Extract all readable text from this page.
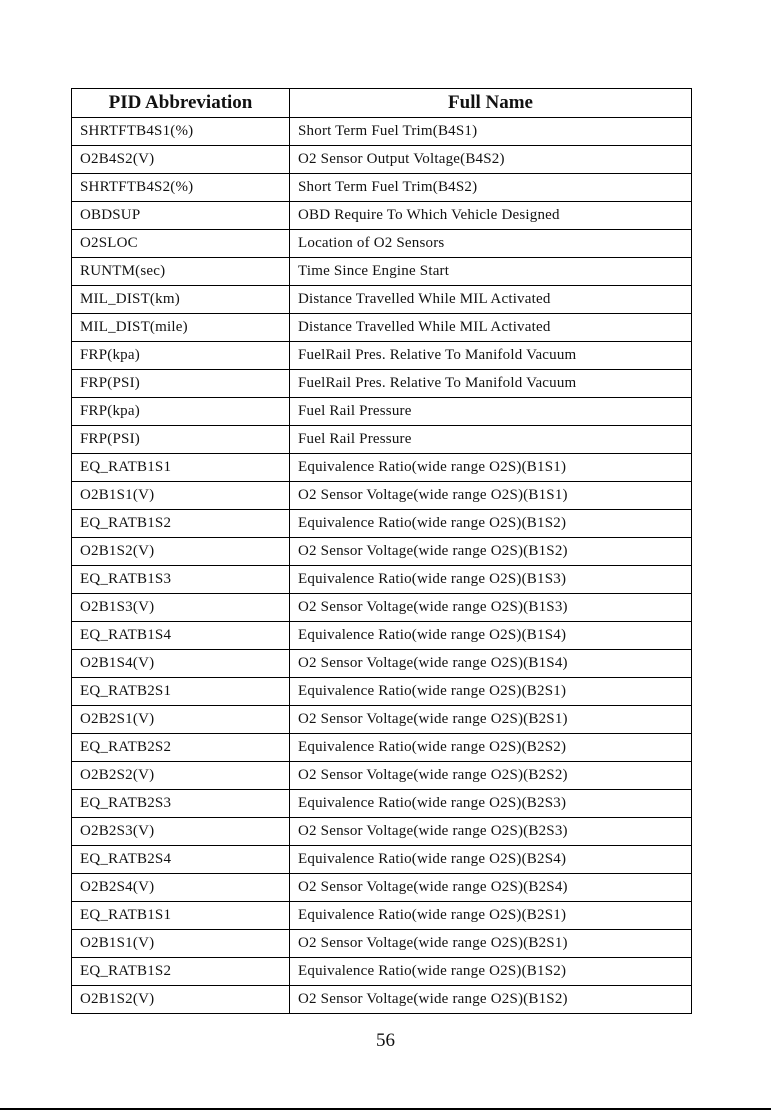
PID Abbreviation	Full Name
SHRTFTB4S1(%)	Short Term Fuel Trim(B4S1)
O2B4S2(V)	O2 Sensor Output Voltage(B4S2)
SHRTFTB4S2(%)	Short Term Fuel Trim(B4S2)
OBDSUP	OBD Require To Which Vehicle Designed
O2SLOC	Location of O2 Sensors
RUNTM(sec)	Time Since Engine Start
MIL_DIST(km)	Distance Travelled While MIL Activated
MIL_DIST(mile)	Distance Travelled While MIL Activated
FRP(kpa)	FuelRail Pres. Relative To Manifold Vacuum
FRP(PSI)	FuelRail Pres. Relative To Manifold Vacuum
FRP(kpa)	Fuel Rail Pressure
FRP(PSI)	Fuel Rail Pressure
EQ_RATB1S1	Equivalence Ratio(wide range O2S)(B1S1)
O2B1S1(V)	O2 Sensor Voltage(wide range O2S)(B1S1)
EQ_RATB1S2	Equivalence Ratio(wide range O2S)(B1S2)
O2B1S2(V)	O2 Sensor Voltage(wide range O2S)(B1S2)
EQ_RATB1S3	Equivalence Ratio(wide range O2S)(B1S3)
O2B1S3(V)	O2 Sensor Voltage(wide range O2S)(B1S3)
EQ_RATB1S4	Equivalence Ratio(wide range O2S)(B1S4)
O2B1S4(V)	O2 Sensor Voltage(wide range O2S)(B1S4)
EQ_RATB2S1	Equivalence Ratio(wide range O2S)(B2S1)
O2B2S1(V)	O2 Sensor Voltage(wide range O2S)(B2S1)
EQ_RATB2S2	Equivalence Ratio(wide range O2S)(B2S2)
O2B2S2(V)	O2 Sensor Voltage(wide range O2S)(B2S2)
EQ_RATB2S3	Equivalence Ratio(wide range O2S)(B2S3)
O2B2S3(V)	O2 Sensor Voltage(wide range O2S)(B2S3)
EQ_RATB2S4	Equivalence Ratio(wide range O2S)(B2S4)
O2B2S4(V)	O2 Sensor Voltage(wide range O2S)(B2S4)
EQ_RATB1S1	Equivalence Ratio(wide range O2S)(B2S1)
O2B1S1(V)	O2 Sensor Voltage(wide range O2S)(B2S1)
EQ_RATB1S2	Equivalence Ratio(wide range O2S)(B1S2)
O2B1S2(V)	O2 Sensor Voltage(wide range O2S)(B1S2)
56
